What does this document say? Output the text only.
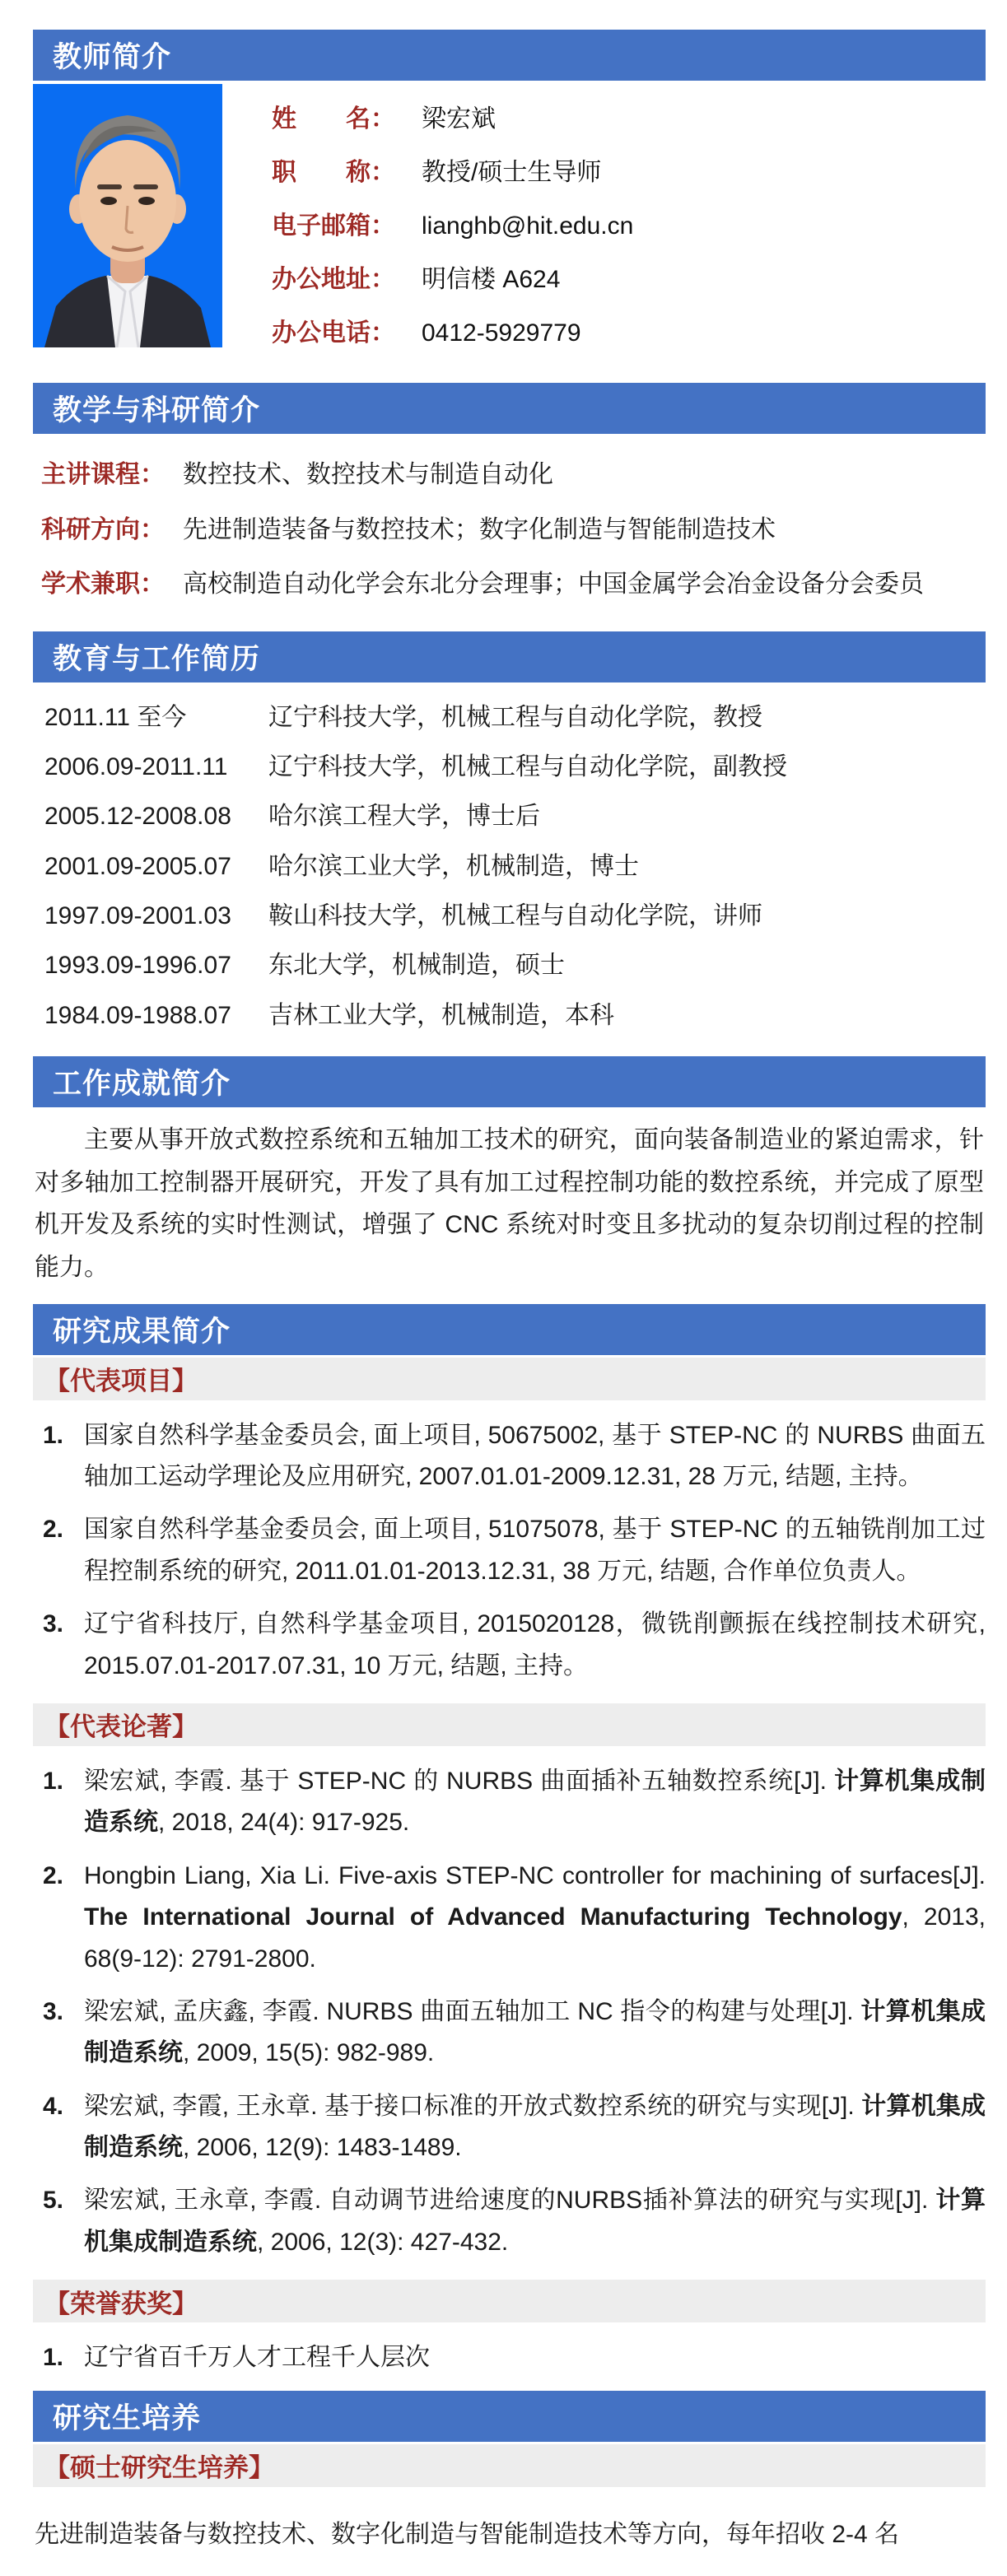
教师简介
姓　　名： 梁宏斌
职　　称： 教授/硕士生导师
电子邮箱： lianghb@hit.edu.cn
办公地址： 明信楼 A624
办公电话： 0412-5929779
教学与科研简介
主讲课程： 数控技术、数控技术与制造自动化
科研方向： 先进制造装备与数控技术；数字化制造与智能制造技术
学术兼职： 高校制造自动化学会东北分会理事；中国金属学会冶金设备分会委员
教育与工作简历
2011.11 至今	辽宁科技大学，机械工程与自动化学院，教授
2006.09-2011.11	辽宁科技大学，机械工程与自动化学院，副教授
2005.12-2008.08	哈尔滨工程大学，博士后
2001.09-2005.07	哈尔滨工业大学，机械制造，博士
1997.09-2001.03	鞍山科技大学，机械工程与自动化学院，讲师
1993.09-1996.07	东北大学，机械制造，硕士
1984.09-1988.07	吉林工业大学，机械制造，本科
工作成就简介
主要从事开放式数控系统和五轴加工技术的研究，面向装备制造业的紧迫需求，针对多轴加工控制器开展研究，开发了具有加工过程控制功能的数控系统，并完成了原型机开发及系统的实时性测试，增强了 CNC 系统对时变且多扰动的复杂切削过程的控制能力。
研究成果简介
【代表项目】
1. 国家自然科学基金委员会, 面上项目, 50675002, 基于 STEP-NC 的 NURBS 曲面五轴加工运动学理论及应用研究, 2007.01.01-2009.12.31, 28 万元, 结题, 主持。
2. 国家自然科学基金委员会, 面上项目, 51075078, 基于 STEP-NC 的五轴铣削加工过程控制系统的研究, 2011.01.01-2013.12.31, 38 万元, 结题, 合作单位负责人。
3. 辽宁省科技厅, 自然科学基金项目, 2015020128，微铣削颤振在线控制技术研究, 2015.07.01-2017.07.31, 10 万元, 结题, 主持。
【代表论著】
1. 梁宏斌, 李霞. 基于 STEP-NC 的 NURBS 曲面插补五轴数控系统[J]. 计算机集成制造系统, 2018, 24(4): 917-925.
2. Hongbin Liang, Xia Li. Five-axis STEP-NC controller for machining of surfaces[J]. The International Journal of Advanced Manufacturing Technology, 2013, 68(9-12): 2791-2800.
3. 梁宏斌, 孟庆鑫, 李霞. NURBS 曲面五轴加工 NC 指令的构建与处理[J]. 计算机集成制造系统, 2009, 15(5): 982-989.
4. 梁宏斌, 李霞, 王永章. 基于接口标准的开放式数控系统的研究与实现[J]. 计算机集成制造系统, 2006, 12(9): 1483-1489.
5. 梁宏斌, 王永章, 李霞. 自动调节进给速度的NURBS插补算法的研究与实现[J]. 计算机集成制造系统, 2006, 12(3): 427-432.
【荣誉获奖】
1. 辽宁省百千万人才工程千人层次
研究生培养
【硕士研究生培养】
先进制造装备与数控技术、数字化制造与智能制造技术等方向，每年招收 2-4 名
